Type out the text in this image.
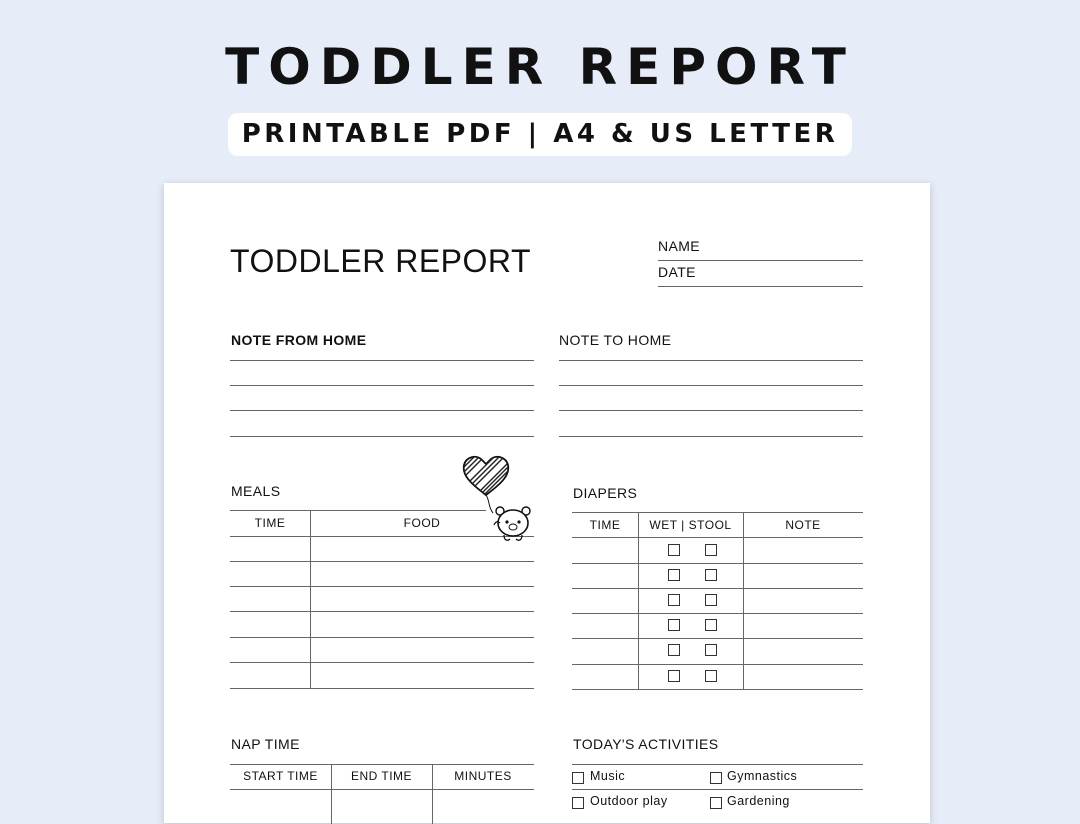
TODDLER REPORT
PRINTABLE PDF | A4 & US LETTER
TODDLER REPORT	NAME
DATE
NOTE FROM HOME	NOTE TO HOME
MEALS
TIME	FOOD
DIAPERS
TIME	WET | STOOL	NOTE
NAP TIME
START TIME	END TIME	MINUTES
TODAY'S ACTIVITIES
Music	Gymnastics
Outdoor play	Gardening
